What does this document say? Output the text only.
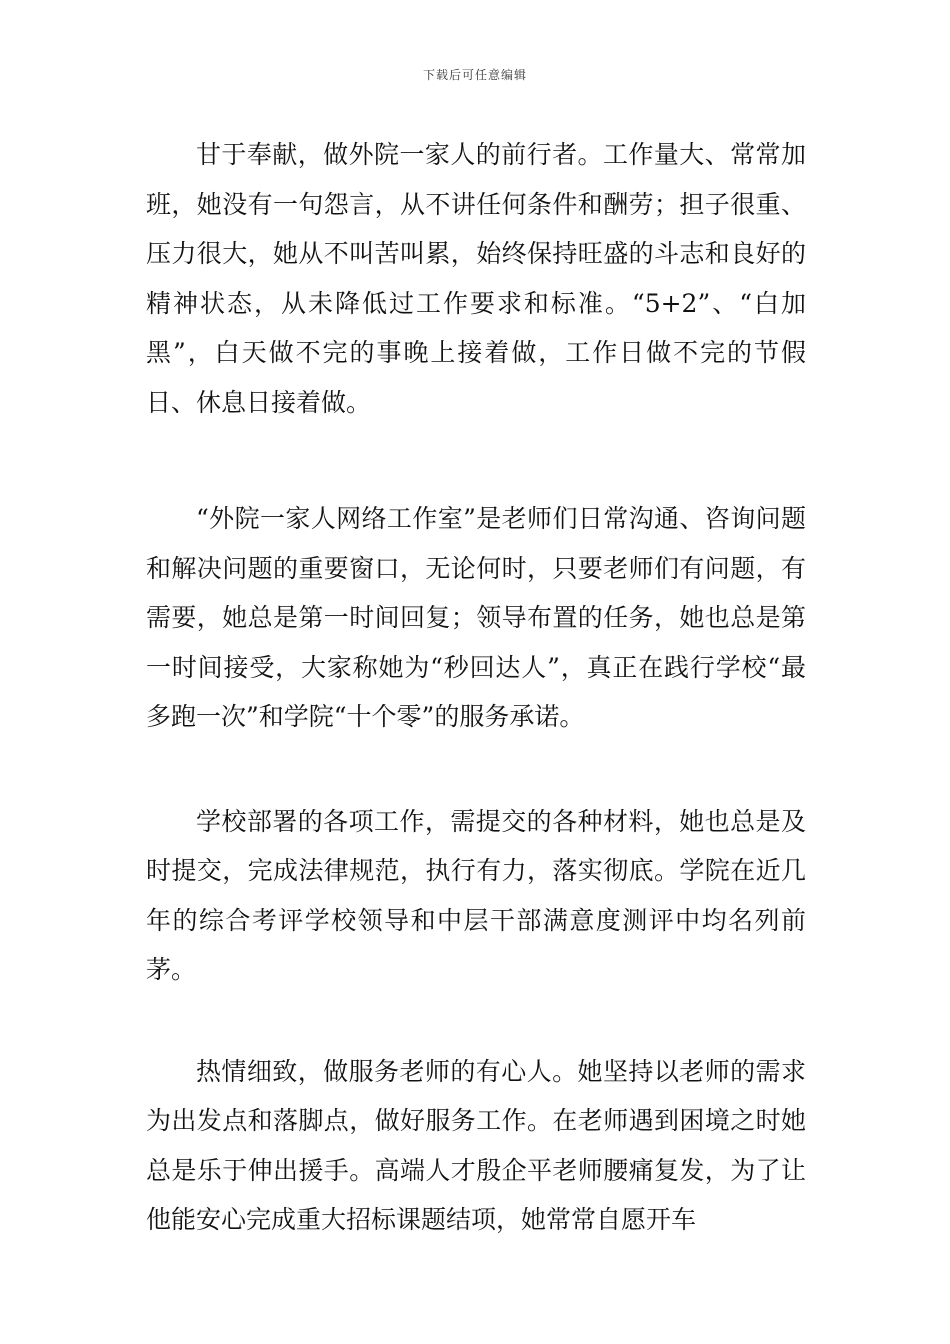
下载后可任意编辑

甘于奉献，做外院一家人的前行者。工作量大、常常加班，她没有一句怨言，从不讲任何条件和酬劳；担子很重、压力很大，她从不叫苦叫累，始终保持旺盛的斗志和良好的精神状态，从未降低过工作要求和标准。“5+2”、“白加黑”，白天做不完的事晚上接着做，工作日做不完的节假日、休息日接着做。

“外院一家人网络工作室”是老师们日常沟通、咨询问题和解决问题的重要窗口，无论何时，只要老师们有问题，有需要，她总是第一时间回复；领导布置的任务，她也总是第一时间接受，大家称她为“秒回达人”，真正在践行学校“最多跑一次”和学院“十个零”的服务承诺。

学校部署的各项工作，需提交的各种材料，她也总是及时提交，完成法律规范，执行有力，落实彻底。学院在近几年的综合考评学校领导和中层干部满意度测评中均名列前茅。

热情细致，做服务老师的有心人。她坚持以老师的需求为出发点和落脚点，做好服务工作。在老师遇到困境之时她总是乐于伸出援手。高端人才殷企平老师腰痛复发，为了让他能安心完成重大招标课题结项，她常常自愿开车
